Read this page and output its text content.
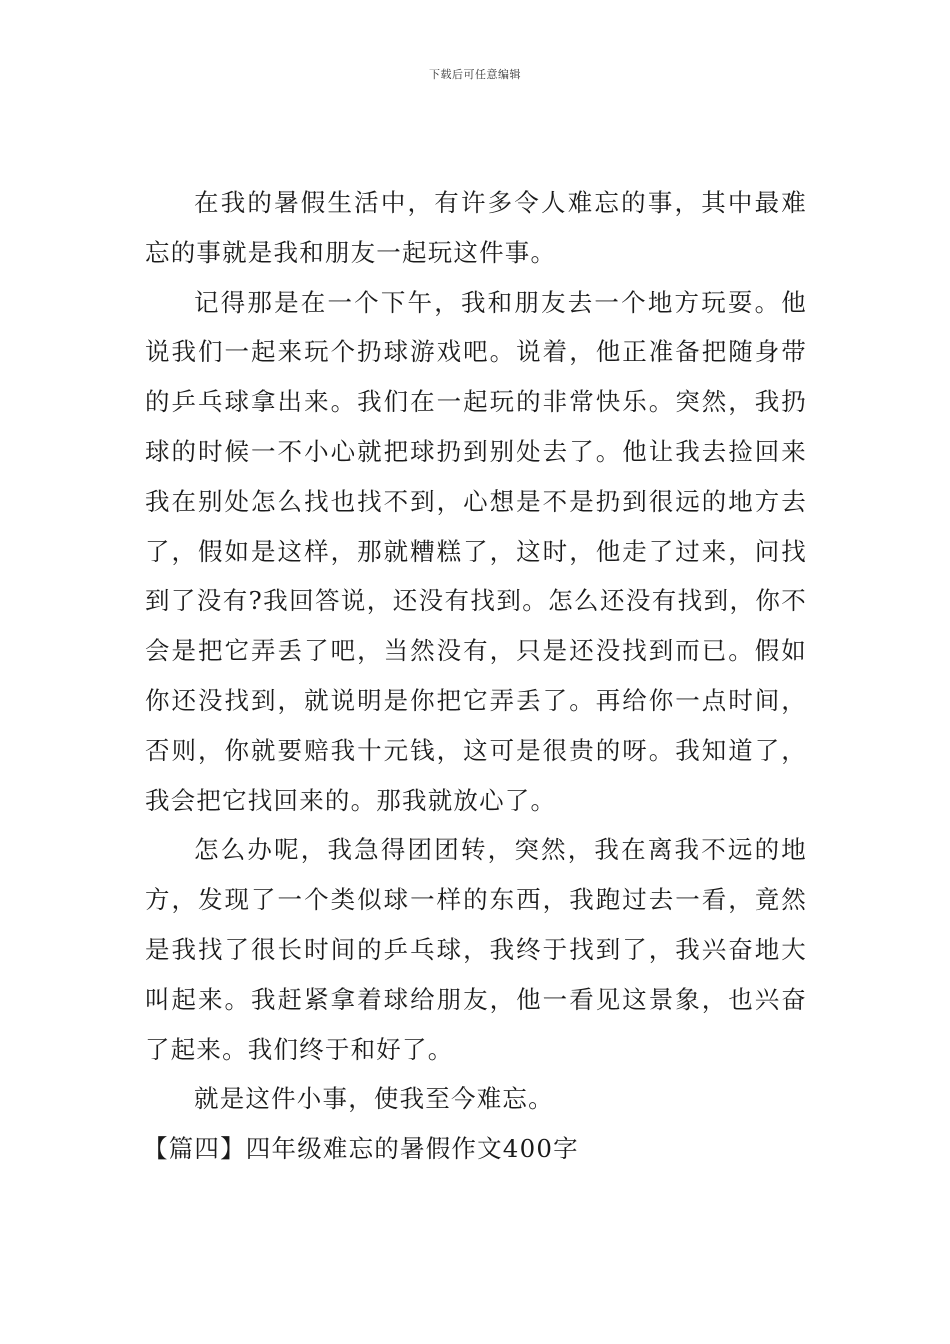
下载后可任意编辑

在我的暑假生活中，有许多令人难忘的事，其中最难忘的事就是我和朋友一起玩这件事。

记得那是在一个下午，我和朋友去一个地方玩耍。他说我们一起来玩个扔球游戏吧。说着，他正准备把随身带的乒乓球拿出来。我们在一起玩的非常快乐。突然，我扔球的时候一不小心就把球扔到别处去了。他让我去捡回来我在别处怎么找也找不到，心想是不是扔到很远的地方去了，假如是这样，那就糟糕了，这时，他走了过来，问找到了没有?我回答说，还没有找到。怎么还没有找到，你不会是把它弄丢了吧，当然没有，只是还没找到而已。假如你还没找到，就说明是你把它弄丢了。再给你一点时间，否则，你就要赔我十元钱，这可是很贵的呀。我知道了，我会把它找回来的。那我就放心了。

怎么办呢，我急得团团转，突然，我在离我不远的地方，发现了一个类似球一样的东西，我跑过去一看，竟然是我找了很长时间的乒乓球，我终于找到了，我兴奋地大叫起来。我赶紧拿着球给朋友，他一看见这景象，也兴奋了起来。我们终于和好了。

就是这件小事，使我至今难忘。

【篇四】四年级难忘的暑假作文400字
